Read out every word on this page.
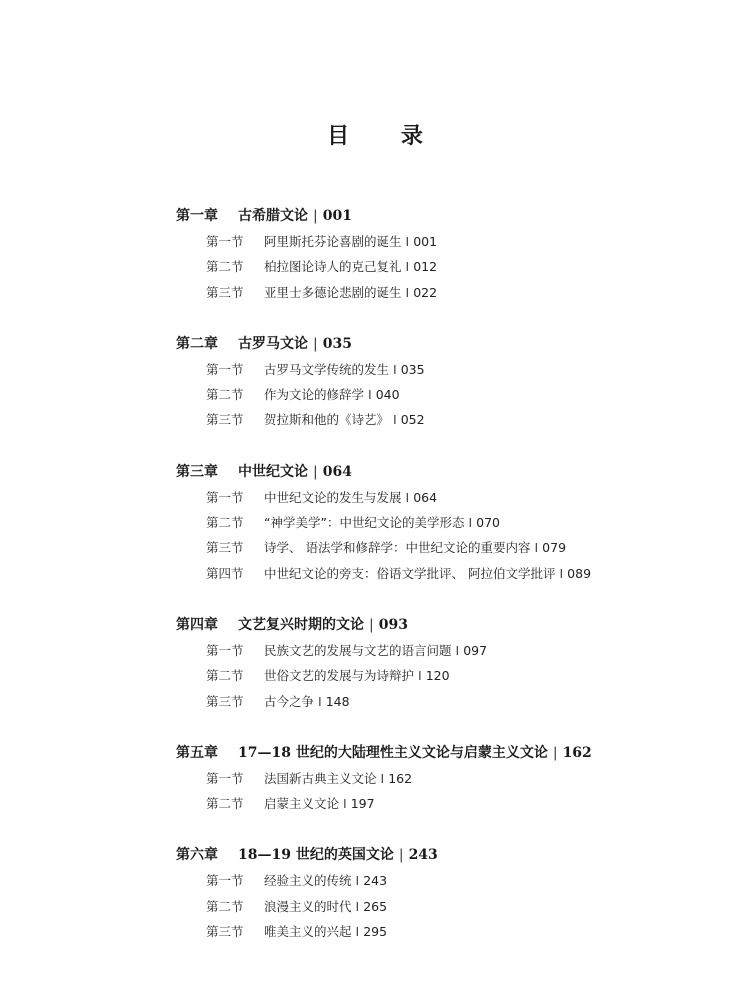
目 录
第一章 古希腊文论 | 001
第一节 阿里斯托芬论喜剧的诞生 I 001
第二节 柏拉图论诗人的克己复礼 I 012
第三节 亚里士多德论悲剧的诞生 I 022
第二章 古罗马文论 | 035
第一节 古罗马文学传统的发生 I 035
第二节 作为文论的修辞学 I 040
第三节 贺拉斯和他的《诗艺》 I 052
第三章 中世纪文论 | 064
第一节 中世纪文论的发生与发展 I 064
第二节 “神学美学”：中世纪文论的美学形态 I 070
第三节 诗学、 语法学和修辞学：中世纪文论的重要内容 I 079
第四节 中世纪文论的旁支：俗语文学批评、 阿拉伯文学批评 I 089
第四章 文艺复兴时期的文论 | 093
第一节 民族文艺的发展与文艺的语言问题 I 097
第二节 世俗文艺的发展与为诗辩护 I 120
第三节 古今之争 I 148
第五章 17—18 世纪的大陆理性主义文论与启蒙主义文论 | 162
第一节 法国新古典主义文论 I 162
第二节 启蒙主义文论 I 197
第六章 18—19 世纪的英国文论 | 243
第一节 经验主义的传统 I 243
第二节 浪漫主义的时代 I 265
第三节 唯美主义的兴起 I 295
